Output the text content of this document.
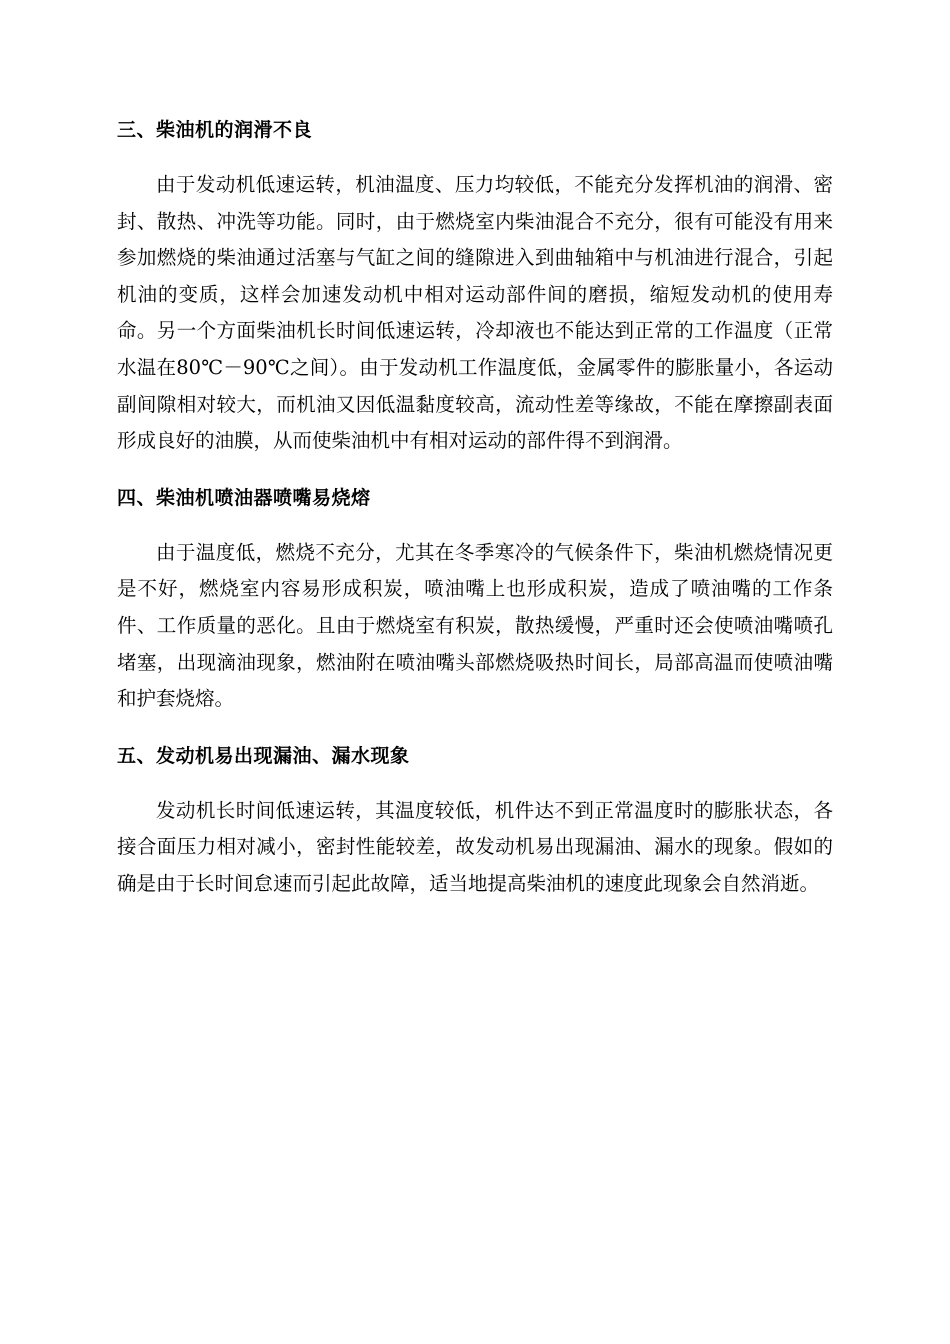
三、柴油机的润滑不良

由于发动机低速运转，机油温度、压力均较低，不能充分发挥机油的润滑、密封、散热、冲洗等功能。同时，由于燃烧室内柴油混合不充分，很有可能没有用来参加燃烧的柴油通过活塞与气缸之间的缝隙进入到曲轴箱中与机油进行混合，引起机油的变质，这样会加速发动机中相对运动部件间的磨损，缩短发动机的使用寿命。另一个方面柴油机长时间低速运转，冷却液也不能达到正常的工作温度（正常水温在80℃－90℃之间）。由于发动机工作温度低，金属零件的膨胀量小，各运动副间隙相对较大，而机油又因低温黏度较高，流动性差等缘故，不能在摩擦副表面形成良好的油膜，从而使柴油机中有相对运动的部件得不到润滑。

四、柴油机喷油器喷嘴易烧熔

由于温度低，燃烧不充分，尤其在冬季寒冷的气候条件下，柴油机燃烧情况更是不好，燃烧室内容易形成积炭，喷油嘴上也形成积炭，造成了喷油嘴的工作条件、工作质量的恶化。且由于燃烧室有积炭，散热缓慢，严重时还会使喷油嘴喷孔堵塞，出现滴油现象，燃油附在喷油嘴头部燃烧吸热时间长，局部高温而使喷油嘴和护套烧熔。

五、发动机易出现漏油、漏水现象

发动机长时间低速运转，其温度较低，机件达不到正常温度时的膨胀状态，各接合面压力相对减小，密封性能较差，故发动机易出现漏油、漏水的现象。假如的确是由于长时间怠速而引起此故障，适当地提高柴油机的速度此现象会自然消逝。
